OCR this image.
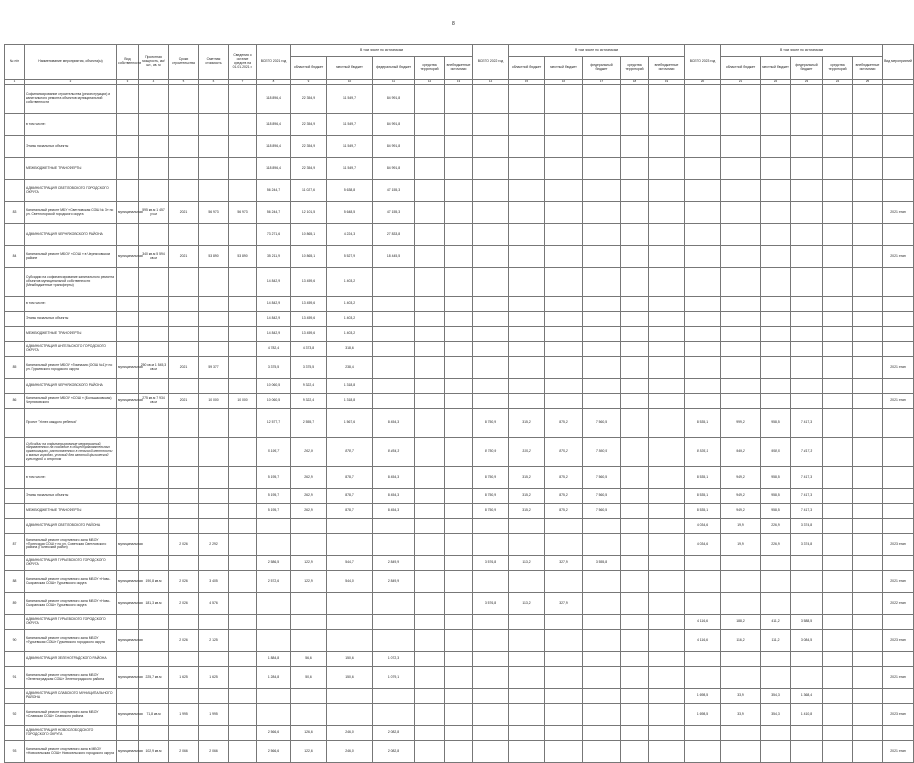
8
№ п/п	Наименование мероприятия, объекта(ы)	Вид собственности	Проектная мощность, км/шт., кв. м	Сроки строительства	Сметная стоимость	Сведения о остатке средств на 01.01.2021 г.	ВСЕГО 2021 год	В том числе по источникам					ВСЕГО 2022 год	В том числе по источникам					ВСЕГО 2023 год	В том числе по источникам					Вид мероприятий
								областной бюджет	местный бюджет	федеральный бюджет	средства территорий	внебюджетные источники		областной бюджет	местный бюджет	федеральный бюджет	средства территорий	внебюджетные источники		областной бюджет	местный бюджет	федеральный бюджет	средства территорий	внебюджетные источники	
1	2	3	4	5	6	7	8	9	10	11	12	13	14	15	16	17	18	19	20	21	22	23	24	25	
	Софинансирование строительства (реконструкции) и капитального ремонта объектов муниципальной собственности						118 896,4	22 354,9	11 549,7	84 991,8															
	в том числе:						118 896,4	22 354,9	11 549,7	84 991,8															
	Этапы начальных объекты						118 896,4	22 354,9	11 549,7	84 991,8															
	МЕЖБЮДЖЕТНЫЕ ТРАНСФЕРТЫ						118 896,4	22 354,9	11 549,7	84 991,8															
	АДМИНИСТРАЦИЯ СВЕТЛОВСКОГО ГОРОДСКОГО ОКРУГА						56 244,7	11 027,6	5 638,8	47 155,3															
83	Капитальный ремонт МБУ «Светловская СОШ № 3» по ул. Светлогорской городского округа	муниципальная	595 кв.м 1 457 уч.м	2021	56 973	56 973	56 244,7	12 101,5	5 648,5	47 155,3															2021 этап
	АДМИНИСТРАЦИЯ ЧЕРНЯХОВСКОГО РАЙОНА						73 271,6	10 865,1	4 224,3	27 833,8															
84	Капитальный ремонт МБОУ «СОШ » в Черняховском районе	муниципальная	340 кв.м 5 594 кв.м	2021	53 890	53 890	35 211,9	10 865,1	5 527,9	18 445,5															2021 этап
	Субсидии на софинансирование капитального ремонта объектов муниципальной собственности (Межбюджетные трансферты)						14 842,9	13 459,6	1 403,2																
	в том числе:						14 842,9	13 459,6	1 403,2																
	Этапы начальных объекты						14 842,9	13 459,6	1 403,2																
	МЕЖБЮДЖЕТНЫЕ ТРАНСФЕРТЫ						14 842,9	13 459,6	1 403,2																
	АДМИНИСТРАЦИЯ АНГЕЛЬСКОГО ГОРОДСКОГО ОКРУГА						4 782,4	4 373,8	318,6																
85	Капитальный ремонт МБОУ «Гимназия (ООШ №1)» по ул. Гурьевского городского округа	муниципальная	250 кв.м 1 545,3 кв.м	2021	59 377		3 375,5	3 375,5	238,4																2021 этап
	АДМИНИСТРАЦИЯ ЧЕРНЯХОВСКОГО РАЙОНА						10 060,5	9 322,4	1 318,8																
86	Капитальный ремонт МБОУ «СОШ » (Большаковская) Черняховского	муниципальная	275 кв.м 7 934 кв.м	2021	10 000	10 000	10 060,5	9 322,4	1 318,8																2021 этап
	Проект "Успех каждого ребенка"						12 577,7	2 555,7	1 567,6	8 454,3			8 750,9	315,2	875,2	7 560,5			8 535,1	999,2	958,5	7 417,3			
	Субсидии на софинансирование мероприятий, направленных на создание в общеобразовательных организациях, расположенных в сельской местности и малых городах, условий для занятий физической культурой и спортом						5 195,7	262,9	878,7	8 454,3			8 750,9	315,2	875,2	7 560,5			8 535,1	949,2	958,5	7 417,3			
	в том числе:						5 195,7	262,9	878,7	8 454,3			8 750,9	315,2	875,2	7 560,5			8 535,1	949,2	958,5	7 417,3			
	Этапы начальных объекты						5 195,7	262,9	878,7	8 454,3			8 750,9	315,2	875,2	7 560,5			8 535,1	949,2	958,5	7 417,3			
	МЕЖБЮДЖЕТНЫЕ ТРАНСФЕРТЫ						5 195,7	262,9	878,7	8 454,3			8 750,9	315,2	875,2	7 560,5			8 535,1	949,2	958,5	7 417,3			
	АДМИНИСТРАЦИЯ СВЕТЛОВСКОГО РАЙОНА																		4 034,6	19,9	226,9	3 374,8			
87	Капитальный ремонт спортивного зала МБОУ «Полесская СОШ » по ул. Советская Светловского района (Полесский район)	муниципальная		2 026	2 292														4 034,6	19,9	226,9	3 374,8			2023 этап
	АДМИНИСТРАЦИЯ ГУРЬЕВСКОГО ГОРОДСКОГО ОКРУГА						2 586,5	122,9	544,7	2 849,9			3 576,8	113,2	327,9	3 555,8									
88	Капитальный ремонт спортивного зала МБОУ «Ново-Сызранская СОШ» Гурьевского округа	муниципальная	190,8 кв.м	2 026	3 405		2 572,6	122,9	544,0	2 849,9															2021 этап
89	Капитальный ремонт спортивного зала МБОУ «Ново-Сызранская СОШ» Гурьевского округа	муниципальная	181,3 кв.м	2 026	4 576								3 576,8	113,2	327,9										2022 этап
	АДМИНИСТРАЦИЯ ГУРЬЕВСКОГО ГОРОДСКОГО ОКРУГА																		4 116,6	188,2	411,2	3 588,5			
90	Капитальный ремонт спортивного зала МБОУ «Гурьевская СОШ» Гурьевского городского округа	муниципальная		2 026	2 125														4 116,6	116,2	111,2	3 084,5			2023 этап
	АДМИНИСТРАЦИЯ ЗЕЛЕНОГРАДСКОГО РАЙОНА						1 884,8	56,6	150,6	1 072,3															
91	Капитальный ремонт спортивного зала МБОУ «Зеленоградская СОШ» Зеленоградского района	муниципальная	225,7 кв.м	1 625	1 625		1 284,8	50,6	150,6	1 079,1															2021 этап
	АДМИНИСТРАЦИЯ СЛАВСКОГО МУНИЦИПАЛЬНОГО РАЙОНА																		1 698,5	33,9	354,3	1 368,4			
92	Капитальный ремонт спортивного зала МБОУ «Славская СОШ» Славского района	муниципальная	71,8 кв.м	1 995	1 995														1 698,5	33,9	354,3	1 410,8			2023 этап
	АДМИНИСТРАЦИЯ НОВОСЛОБОДСКОГО ГОРОДСКОГО ОКРУГА						2 566,6	126,6	246,0	2 082,8															
93	Капитальный ремонт спортивного зала в МБОУ «Новосельская СОШ» Новосельского городского округа	муниципальная	102,9 кв.м	2 066	2 066		2 566,6	122,6	246,0	2 082,8															2021 этап
